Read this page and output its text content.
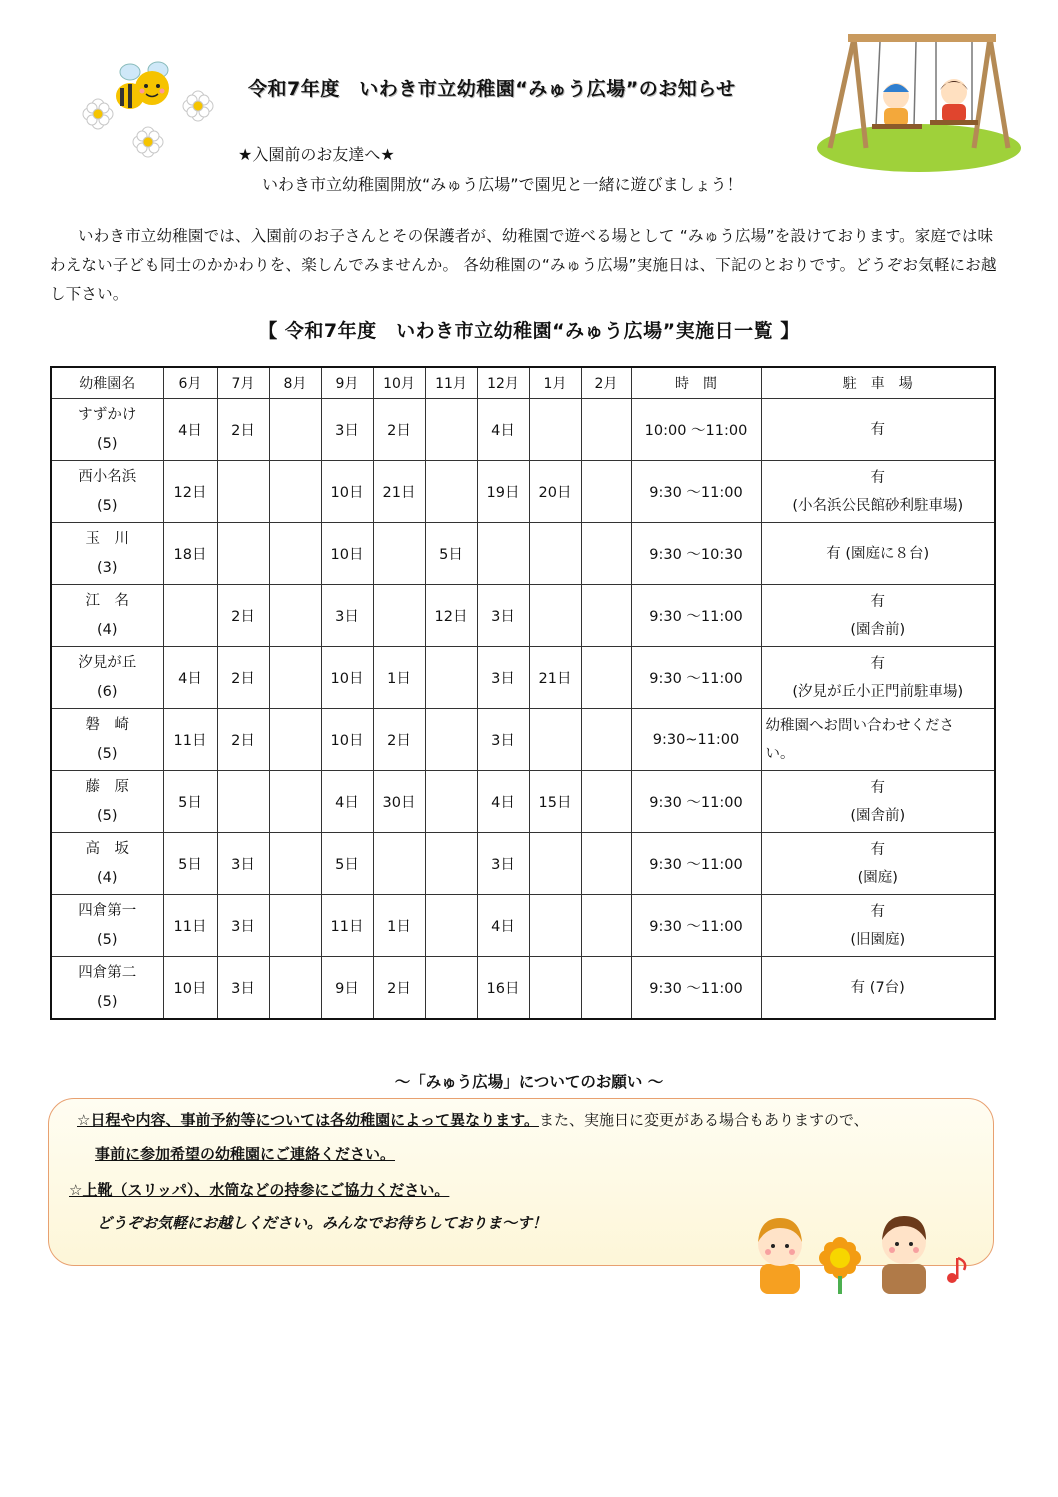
令和7年度　いわき市立幼稚園“みゅう広場”のお知らせ
★入園前のお友達へ★
いわき市立幼稚園開放“みゅう広場”で園児と一緒に遊びましょう！
いわき市立幼稚園では、入園前のお子さんとその保護者が、幼稚園で遊べる場として “みゅう広場”を設けております。家庭では味わえない子ども同士のかかわりを、楽しんでみませんか。 各幼稚園の“みゅう広場”実施日は、下記のとおりです。どうぞお気軽にお越し下さい。
【 令和7年度　いわき市立幼稚園“みゅう広場”実施日一覧 】
幼稚園名	6月	7月	8月	9月	10月	11月	12月	1月	2月	時　間	駐　車　場

すずかけ
(5)	4日	2日		3日	2日		4日			10:00 ～11:00	有

西小名浜
(5)	12日			10日	21日		19日	20日		9:30 ～11:00	有
(小名浜公民館砂利駐車場)

玉　川
(3)	18日			10日		5日				9:30 ～10:30	有 (園庭に８台)

江　名
(4)		2日		3日		12日	3日			9:30 ～11:00	有
(園舎前)

汐見が丘
(6)	4日	2日		10日	1日		3日	21日		9:30 ～11:00	有
(汐見が丘小正門前駐車場)

磐　崎
(5)	11日	2日		10日	2日		3日			9:30~11:00	幼稚園へお問い合わせくださ
い。

藤　原
(5)	5日			4日	30日		4日	15日		9:30 ～11:00	有
(園舎前)

高　坂
(4)	5日	3日		5日			3日			9:30 ～11:00	有
(園庭)

四倉第一
(5)	11日	3日		11日	1日		4日			9:30 ～11:00	有
(旧園庭)

四倉第二
(5)	10日	3日		9日	2日		16日			9:30 ～11:00	有 (7台)
～「みゅう広場」についてのお願い ～
☆日程や内容、事前予約等については各幼稚園によって異なります。また、実施日に変更がある場合もありますので、
事前に参加希望の幼稚園にご連絡ください。
☆上靴（スリッパ）、水筒などの持参にご協力ください。
どうぞお気軽にお越しください。みんなでお待ちしておりま～す！
